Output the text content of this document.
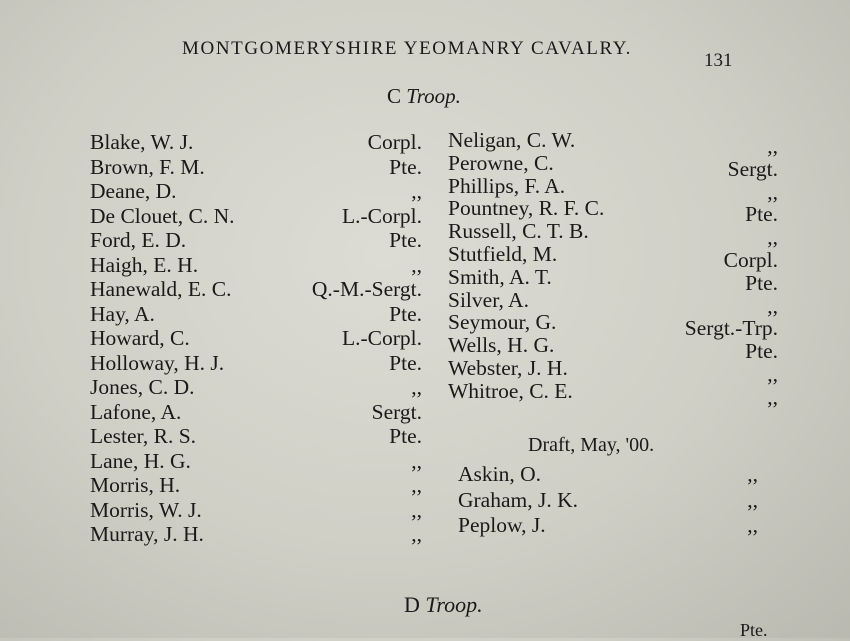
MONTGOMERYSHIRE YEOMANRY CAVALRY.
131
C Troop.
Blake, W. J.	Corpl.
Brown, F. M.	Pte.
Deane, D.	,,
De Clouet, C. N.	L.-Corpl.
Ford, E. D.	Pte.
Haigh, E. H.	,,
Hanewald, E. C.	Q.-M.-Sergt.
Hay, A.	Pte.
Howard, C.	L.-Corpl.
Holloway, H. J.	Pte.
Jones, C. D.	,,
Lafone, A.	Sergt.
Lester, R. S.	Pte.
Lane, H. G.	,,
Morris, H.	,,
Morris, W. J.	,,
Murray, J. H.	,,
Neligan, C. W.	,,
Perowne, C.	Sergt.
Phillips, F. A.	,,
Pountney, R. F. C.	Pte.
Russell, C. T. B.	,,
Stutfield, M.	Corpl.
Smith, A. T.	Pte.
Silver, A.	,,
Seymour, G.	Sergt.-Trp.
Wells, H. G.	Pte.
Webster, J. H.	,,
Whitroe, C. E.	,,
Draft, May, '00.
Askin, O.	,,
Graham, J. K.	,,
Peplow, J.	,,
D Troop.
Pte.
